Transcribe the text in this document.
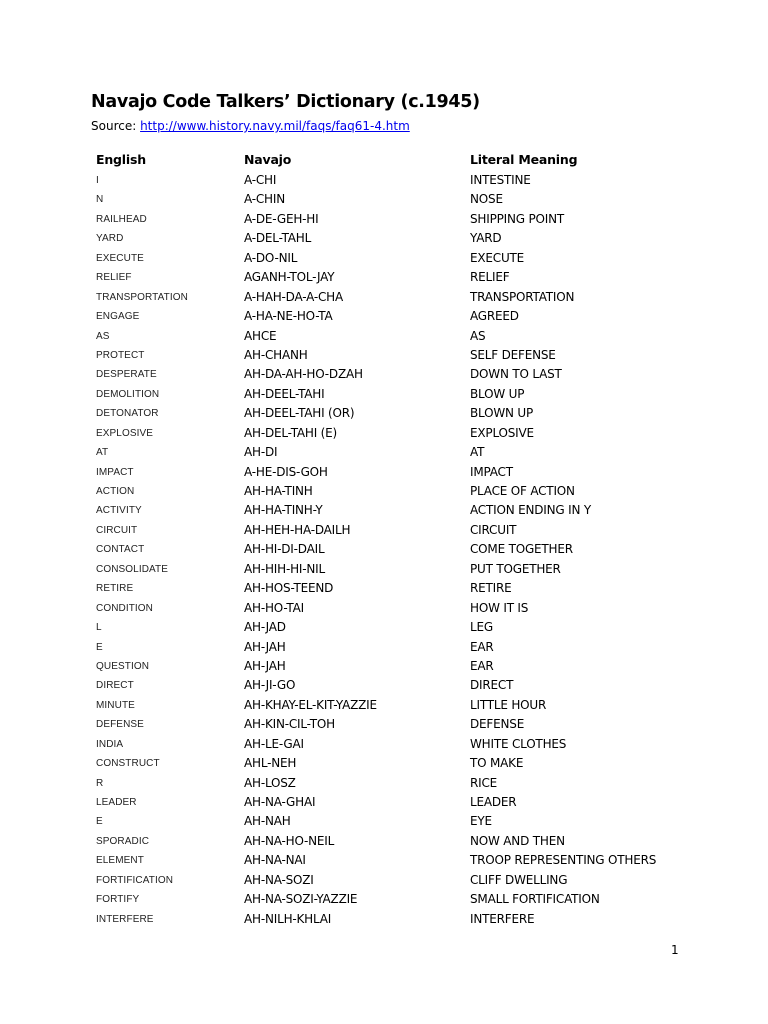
Navajo Code Talkers’ Dictionary (c.1945)
Source: http://www.history.navy.mil/faqs/faq61-4.htm
English	Navajo	Literal Meaning
I	A-CHI	INTESTINE
N	A-CHIN	NOSE
RAILHEAD	A-DE-GEH-HI	SHIPPING POINT
YARD	A-DEL-TAHL	YARD
EXECUTE	A-DO-NIL	EXECUTE
RELIEF	AGANH-TOL-JAY	RELIEF
TRANSPORTATION	A-HAH-DA-A-CHA	TRANSPORTATION
ENGAGE	A-HA-NE-HO-TA	AGREED
AS	AHCE	AS
PROTECT	AH-CHANH	SELF DEFENSE
DESPERATE	AH-DA-AH-HO-DZAH	DOWN TO LAST
DEMOLITION	AH-DEEL-TAHI	BLOW UP
DETONATOR	AH-DEEL-TAHI (OR)	BLOWN UP
EXPLOSIVE	AH-DEL-TAHI (E)	EXPLOSIVE
AT	AH-DI	AT
IMPACT	A-HE-DIS-GOH	IMPACT
ACTION	AH-HA-TINH	PLACE OF ACTION
ACTIVITY	AH-HA-TINH-Y	ACTION ENDING IN Y
CIRCUIT	AH-HEH-HA-DAILH	CIRCUIT
CONTACT	AH-HI-DI-DAIL	COME TOGETHER
CONSOLIDATE	AH-HIH-HI-NIL	PUT TOGETHER
RETIRE	AH-HOS-TEEND	RETIRE
CONDITION	AH-HO-TAI	HOW IT IS
L	AH-JAD	LEG
E	AH-JAH	EAR
QUESTION	AH-JAH	EAR
DIRECT	AH-JI-GO	DIRECT
MINUTE	AH-KHAY-EL-KIT-YAZZIE	LITTLE HOUR
DEFENSE	AH-KIN-CIL-TOH	DEFENSE
INDIA	AH-LE-GAI	WHITE CLOTHES
CONSTRUCT	AHL-NEH	TO MAKE
R	AH-LOSZ	RICE
LEADER	AH-NA-GHAI	LEADER
E	AH-NAH	EYE
SPORADIC	AH-NA-HO-NEIL	NOW AND THEN
ELEMENT	AH-NA-NAI	TROOP REPRESENTING OTHERS
FORTIFICATION	AH-NA-SOZI	CLIFF DWELLING
FORTIFY	AH-NA-SOZI-YAZZIE	SMALL FORTIFICATION
INTERFERE	AH-NILH-KHLAI	INTERFERE
1
